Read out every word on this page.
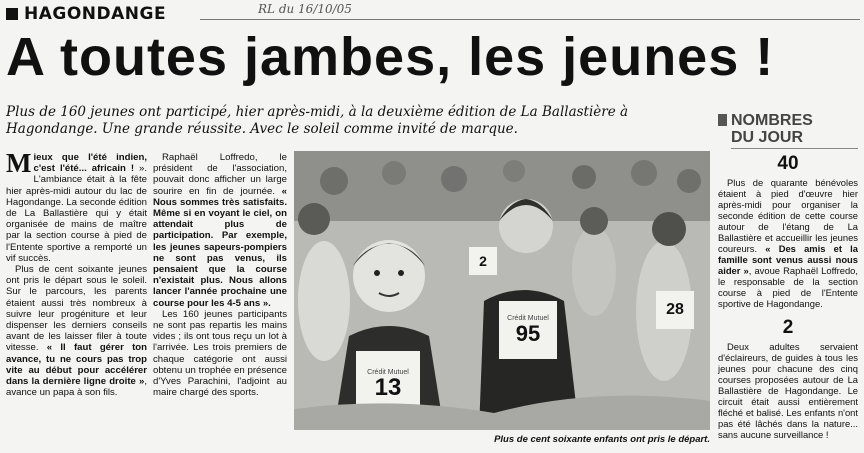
HAGONDANGE	RL du 16/10/05
A toutes jambes, les jeunes !
Plus de 160 jeunes ont participé, hier après-midi, à la deuxième édition de La Ballastière à Hagondange. Une grande réussite. Avec le soleil comme invité de marque.

Mieux que l'été indien, c'est l'été... africain ! ». L'ambiance était à la fête hier après-midi autour du lac de Hagondange. La seconde édition de La Ballastière qui y était organisée de mains de maître par la section course à pied de l'Entente sportive a remporté un vif succès.

Plus de cent soixante jeunes ont pris le départ sous le soleil. Sur le parcours, les parents étaient aussi très nombreux à suivre leur progéniture et leur dispenser les derniers conseils avant de les laisser filer à toute vitesse. « Il faut gérer ton avance, tu ne cours pas trop vite au début pour accélérer dans la dernière ligne droite », avance un papa à son fils.

Raphaël Loffredo, le président de l'association, pouvait donc afficher un large sourire en fin de journée. « Nous sommes très satisfaits. Même si en voyant le ciel, on attendait plus de participation. Par exemple, les jeunes sapeurs-pompiers ne sont pas venus, ils pensaient que la course n'existait plus. Nous allons lancer l'année prochaine une course pour les 4-5 ans ».

Les 160 jeunes participants ne sont pas repartis les mains vides ; ils ont tous reçu un lot à l'arrivée. Les trois premiers de chaque catégorie ont aussi obtenu un trophée en présence d'Yves Parachini, l'adjoint au maire chargé des sports.

Crédit Mutuel
13
Crédit Mutuel
95
28
2
Plus de cent soixante enfants ont pris le départ.
NOMBRES
DU JOUR
40

Plus de quarante bénévoles étaient à pied d'œuvre hier après-midi pour organiser la seconde édition de cette course autour de l'étang de La Ballastière et accueillir les jeunes coureurs. « Des amis et la famille sont venus aussi nous aider », avoue Raphaël Loffredo, le responsable de la section course à pied de l'Entente sportive de Hagondange.

2

Deux adultes servaient d'éclaireurs, de guides à tous les jeunes pour chacune des cinq courses proposées autour de La Ballastière de Hagondange. Le circuit était aussi entièrement fléché et balisé. Les enfants n'ont pas été lâchés dans la nature... sans aucune surveillance !
